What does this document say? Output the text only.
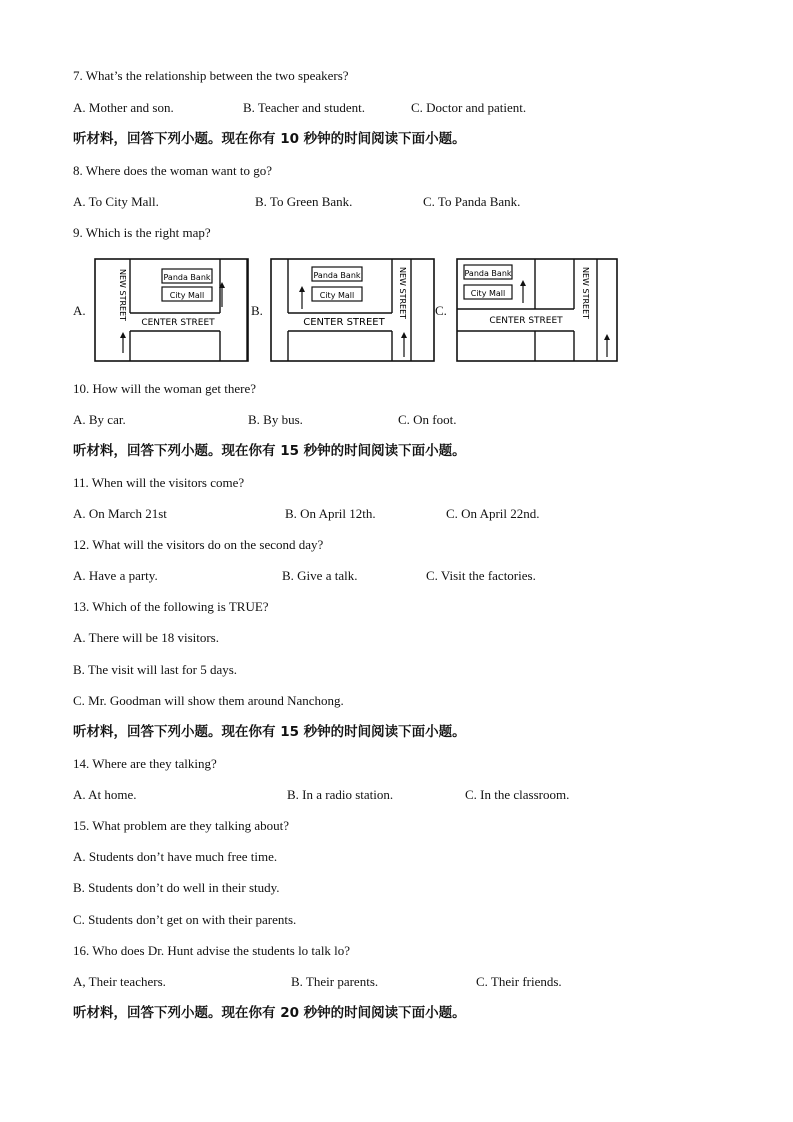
7. What’s the relationship between the two speakers?
A. Mother and son.	B. Teacher and student.	C. Doctor and patient.
听材料，回答下列小题。现在你有 10 秒钟的时间阅读下面小题。
8. Where does the woman want to go?
A. To City Mall.	B. To Green Bank.	C. To Panda Bank.
9. Which is the right map?
A.	B.	C.
Panda Bank
City Mall
CENTER STREET
NEW STREET	Panda Bank
City Mall
CENTER STREET
NEW STREET	Panda Bank
City Mall
CENTER STREET
NEW STREET
10. How will the woman get there?
A. By car.	B. By bus.	C. On foot.
听材料，回答下列小题。现在你有 15 秒钟的时间阅读下面小题。
11. When will the visitors come?
A. On March 21st	B. On April 12th.	C. On April 22nd.
12. What will the visitors do on the second day?
A. Have a party.	B. Give a talk.	C. Visit the factories.
13. Which of the following is TRUE?
A. There will be 18 visitors.
B. The visit will last for 5 days.
C. Mr. Goodman will show them around Nanchong.
听材料，回答下列小题。现在你有 15 秒钟的时间阅读下面小题。
14. Where are they talking?
A. At home.	B. In a radio station.	C. In the classroom.
15. What problem are they talking about?
A. Students don’t have much free time.
B. Students don’t do well in their study.
C. Students don’t get on with their parents.
16. Who does Dr. Hunt advise the students lo talk lo?
A, Their teachers.	B. Their parents.	C. Their friends.
听材料，回答下列小题。现在你有 20 秒钟的时间阅读下面小题。
